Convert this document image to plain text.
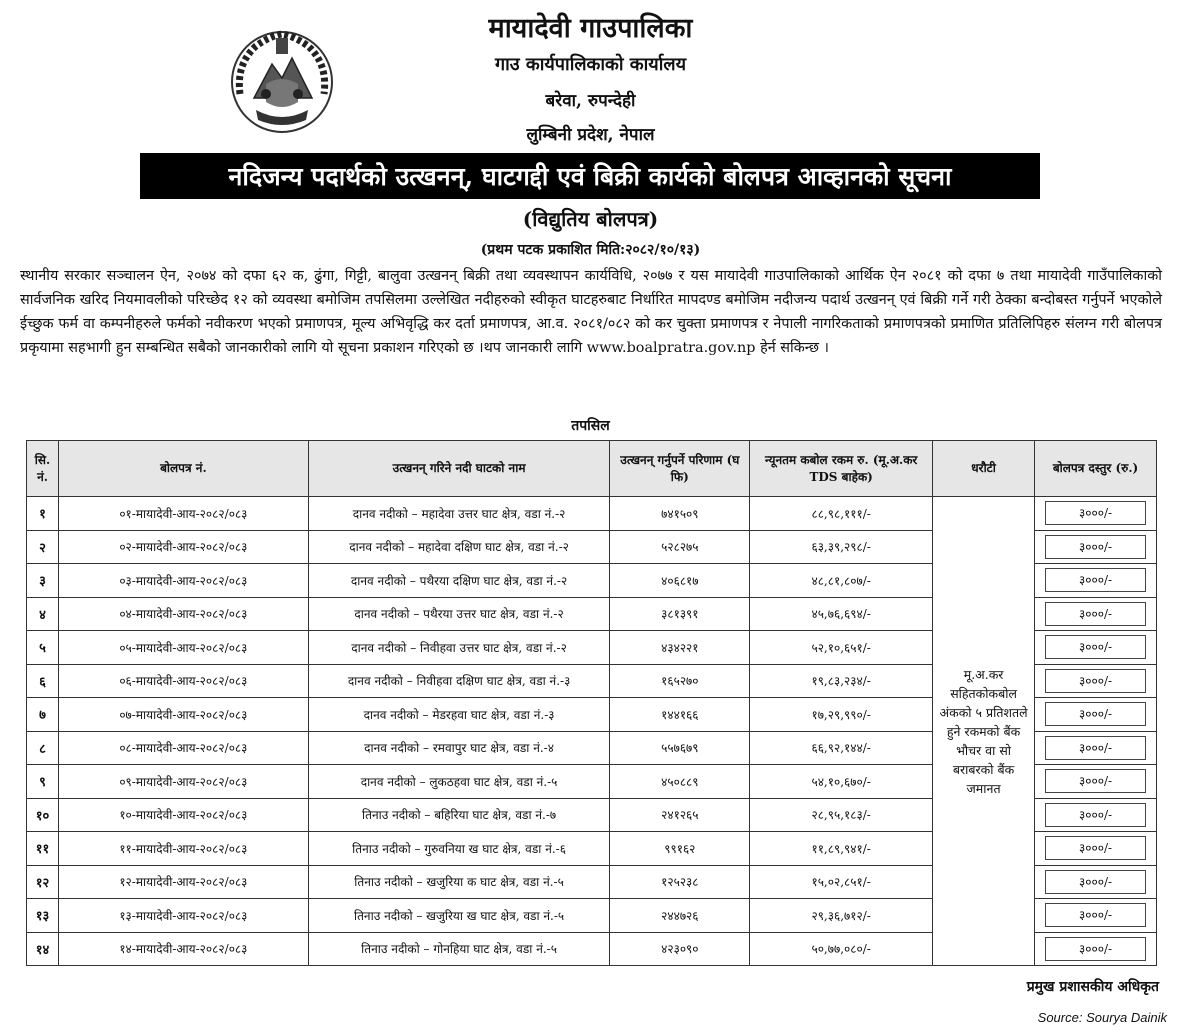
मायादेवी गाउपालिका
गाउ कार्यपालिकाको कार्यालय
बरेवा, रुपन्देही
लुम्बिनी प्रदेश, नेपाल
नदिजन्य पदार्थको उत्खनन्, घाटगद्दी एवं बिक्री कार्यको बोलपत्र आव्हानको सूचना
(विद्युतिय बोलपत्र)
(प्रथम पटक प्रकाशित मिति:२०८२/१०/१३)
स्थानीय सरकार सञ्चालन ऐन, २०७४ को दफा ६२ क, ढुंगा, गिट्टी, बालुवा उत्खनन् बिक्री तथा व्यवस्थापन कार्यविधि, २०७७ र यस मायादेवी गाउपालिकाको आर्थिक ऐन २०८१ को दफा ७ तथा मायादेवी गाउँपालिकाको सार्वजनिक खरिद नियमावलीको परिच्छेद १२ को व्यवस्था बमोजिम तपसिलमा उल्लेखित नदीहरुको स्वीकृत घाटहरुबाट निर्धारित मापदण्ड बमोजिम नदीजन्य पदार्थ उत्खनन् एवं बिक्री गर्ने गरी ठेक्का बन्दोबस्त गर्नुपर्ने भएकोले ईच्छुक फर्म वा कम्पनीहरुले फर्मको नवीकरण भएको प्रमाणपत्र, मूल्य अभिवृद्धि कर दर्ता प्रमाणपत्र, आ.व. २०८१/०८२ को कर चुक्ता प्रमाणपत्र र नेपाली नागरिकताको प्रमाणपत्रको प्रमाणित प्रतिलिपिहरु संलग्न गरी बोलपत्र प्रकृयामा सहभागी हुन सम्बन्धित सबैको जानकारीको लागि यो सूचना प्रकाशन गरिएको छ ।थप जानकारी लागि www.boalpratra.gov.np हेर्न सकिन्छ ।
तपसिल
सि. नं.	बोलपत्र नं.	उत्खनन् गरिने नदी घाटको नाम	उत्खनन् गर्नुपर्ने परिणाम (घ फि)	न्यूनतम कबोल रकम रु. (मू.अ.कर TDS बाहेक)	धरौटी	बोलपत्र दस्तुर (रु.)
१	०१-मायादेवी-आय-२०८२/०८३	दानव नदीको – महादेवा उत्तर घाट क्षेत्र, वडा नं.-२	७४१५०९	८८,९८,१११/-	मू.अ.कर सहितकोकबोल अंकको ५ प्रतिशतले हुने रकमको बैंक भौचर वा सो बराबरको बैंक जमानत	३०००/-

२	०२-मायादेवी-आय-२०८२/०८३	दानव नदीको – महादेवा दक्षिण घाट क्षेत्र, वडा नं.-२	५२८२७५	६३,३९,२९८/-		३०००/-

३	०३-मायादेवी-आय-२०८२/०८३	दानव नदीको – पथैरया दक्षिण घाट क्षेत्र, वडा नं.-२	४०६८१७	४८,८१,८०७/-		३०००/-

४	०४-मायादेवी-आय-२०८२/०८३	दानव नदीको – पथैरया उत्तर घाट क्षेत्र, वडा नं.-२	३८१३९१	४५,७६,६९४/-		३०००/-

५	०५-मायादेवी-आय-२०८२/०८३	दानव नदीको – निवीहवा उत्तर घाट क्षेत्र, वडा नं.-२	४३४२२१	५२,१०,६५१/-		३०००/-

६	०६-मायादेवी-आय-२०८२/०८३	दानव नदीको – निवीहवा दक्षिण घाट क्षेत्र, वडा नं.-३	१६५२७०	१९,८३,२३४/-		३०००/-

७	०७-मायादेवी-आय-२०८२/०८३	दानव नदीको – मेडरहवा घाट क्षेत्र, वडा नं.-३	१४४१६६	१७,२९,९९०/-		३०००/-

८	०८-मायादेवी-आय-२०८२/०८३	दानव नदीको – रमवापुर घाट क्षेत्र, वडा नं.-४	५५७६७९	६६,९२,१४४/-		३०००/-

९	०९-मायादेवी-आय-२०८२/०८३	दानव नदीको – लुकठहवा घाट क्षेत्र, वडा नं.-५	४५०८८९	५४,१०,६७०/-		३०००/-

१०	१०-मायादेवी-आय-२०८२/०८३	तिनाउ नदीको – बहिरिया घाट क्षेत्र, वडा नं.-७	२४१२६५	२८,९५,१८३/-		३०००/-

११	११-मायादेवी-आय-२०८२/०८३	तिनाउ नदीको – गुरुवनिया ख घाट क्षेत्र, वडा नं.-६	९९१६२	११,८९,९४१/-		३०००/-

१२	१२-मायादेवी-आय-२०८२/०८३	तिनाउ नदीको – खजुरिया क घाट क्षेत्र, वडा नं.-५	१२५२३८	१५,०२,८५१/-		३०००/-

१३	१३-मायादेवी-आय-२०८२/०८३	तिनाउ नदीको – खजुरिया ख घाट क्षेत्र, वडा नं.-५	२४४७२६	२९,३६,७१२/-		३०००/-

१४	१४-मायादेवी-आय-२०८२/०८३	तिनाउ नदीको – गोनहिया घाट क्षेत्र, वडा नं.-५	४२३०९०	५०,७७,०८०/-		३०००/-
प्रमुख प्रशासकीय अधिकृत
Source: Sourya Dainik
